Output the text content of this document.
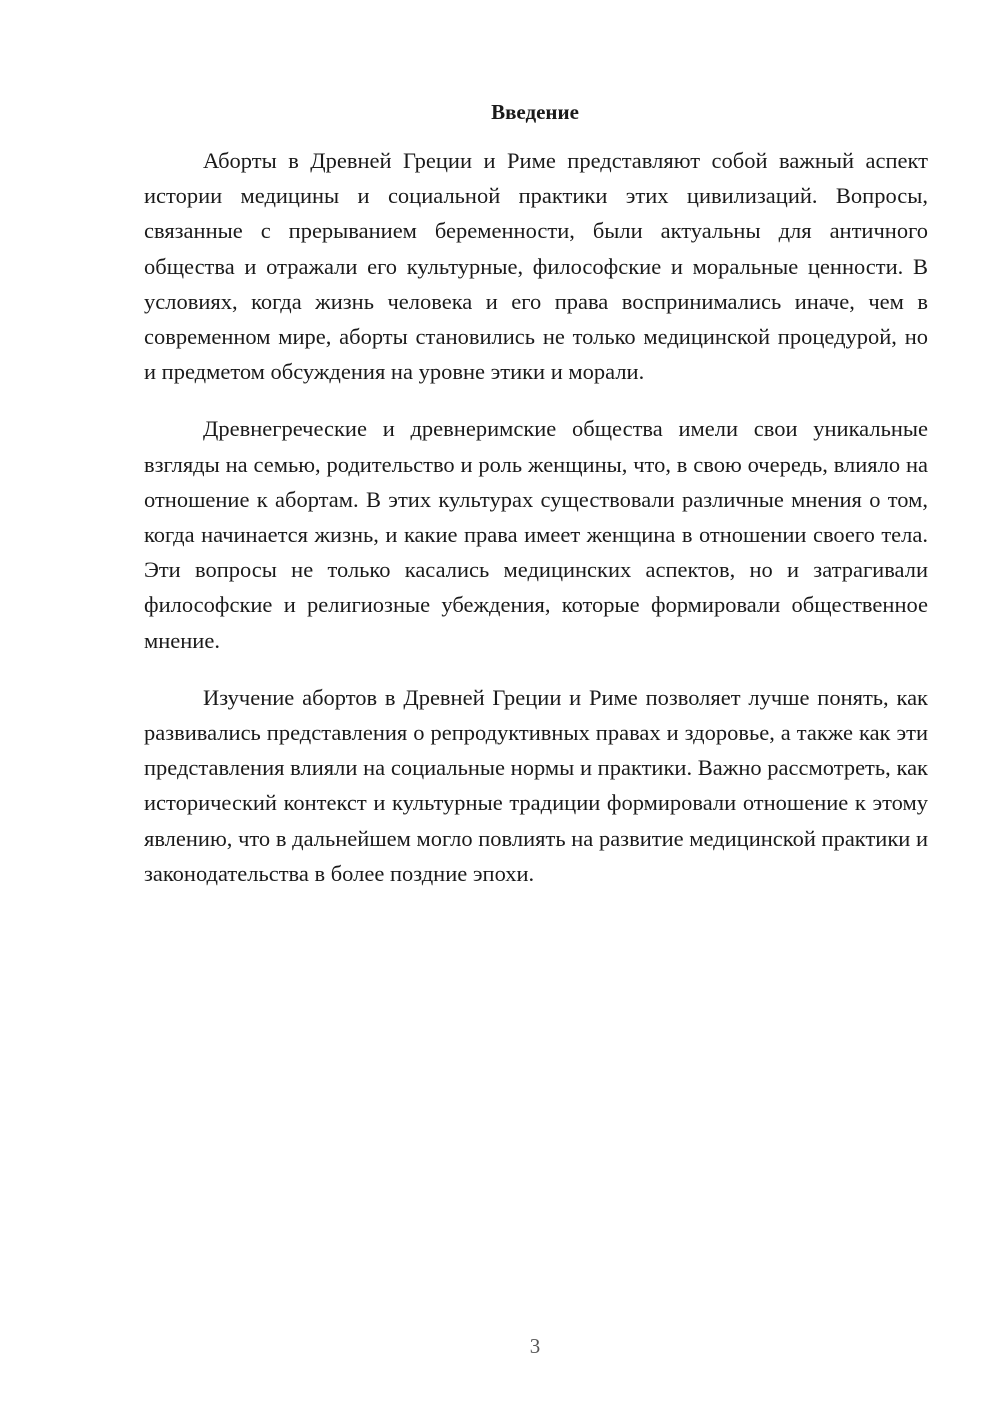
Введение

Аборты в Древней Греции и Риме представляют собой важный аспект истории медицины и социальной практики этих цивилизаций. Вопросы, связанные с прерыванием беременности, были актуальны для античного общества и отражали его культурные, философские и моральные ценности. В условиях, когда жизнь человека и его права воспринимались иначе, чем в современном мире, аборты становились не только медицинской процедурой, но и предметом обсуждения на уровне этики и морали.

Древнегреческие и древнеримские общества имели свои уникальные взгляды на семью, родительство и роль женщины, что, в свою очередь, влияло на отношение к абортам. В этих культурах существовали различные мнения о том, когда начинается жизнь, и какие права имеет женщина в отношении своего тела. Эти вопросы не только касались медицинских аспектов, но и затрагивали философские и религиозные убеждения, которые формировали общественное мнение.

Изучение абортов в Древней Греции и Риме позволяет лучше понять, как развивались представления о репродуктивных правах и здоровье, а также как эти представления влияли на социальные нормы и практики. Важно рассмотреть, как исторический контекст и культурные традиции формировали отношение к этому явлению, что в дальнейшем могло повлиять на развитие медицинской практики и законодательства в более поздние эпохи.

3
